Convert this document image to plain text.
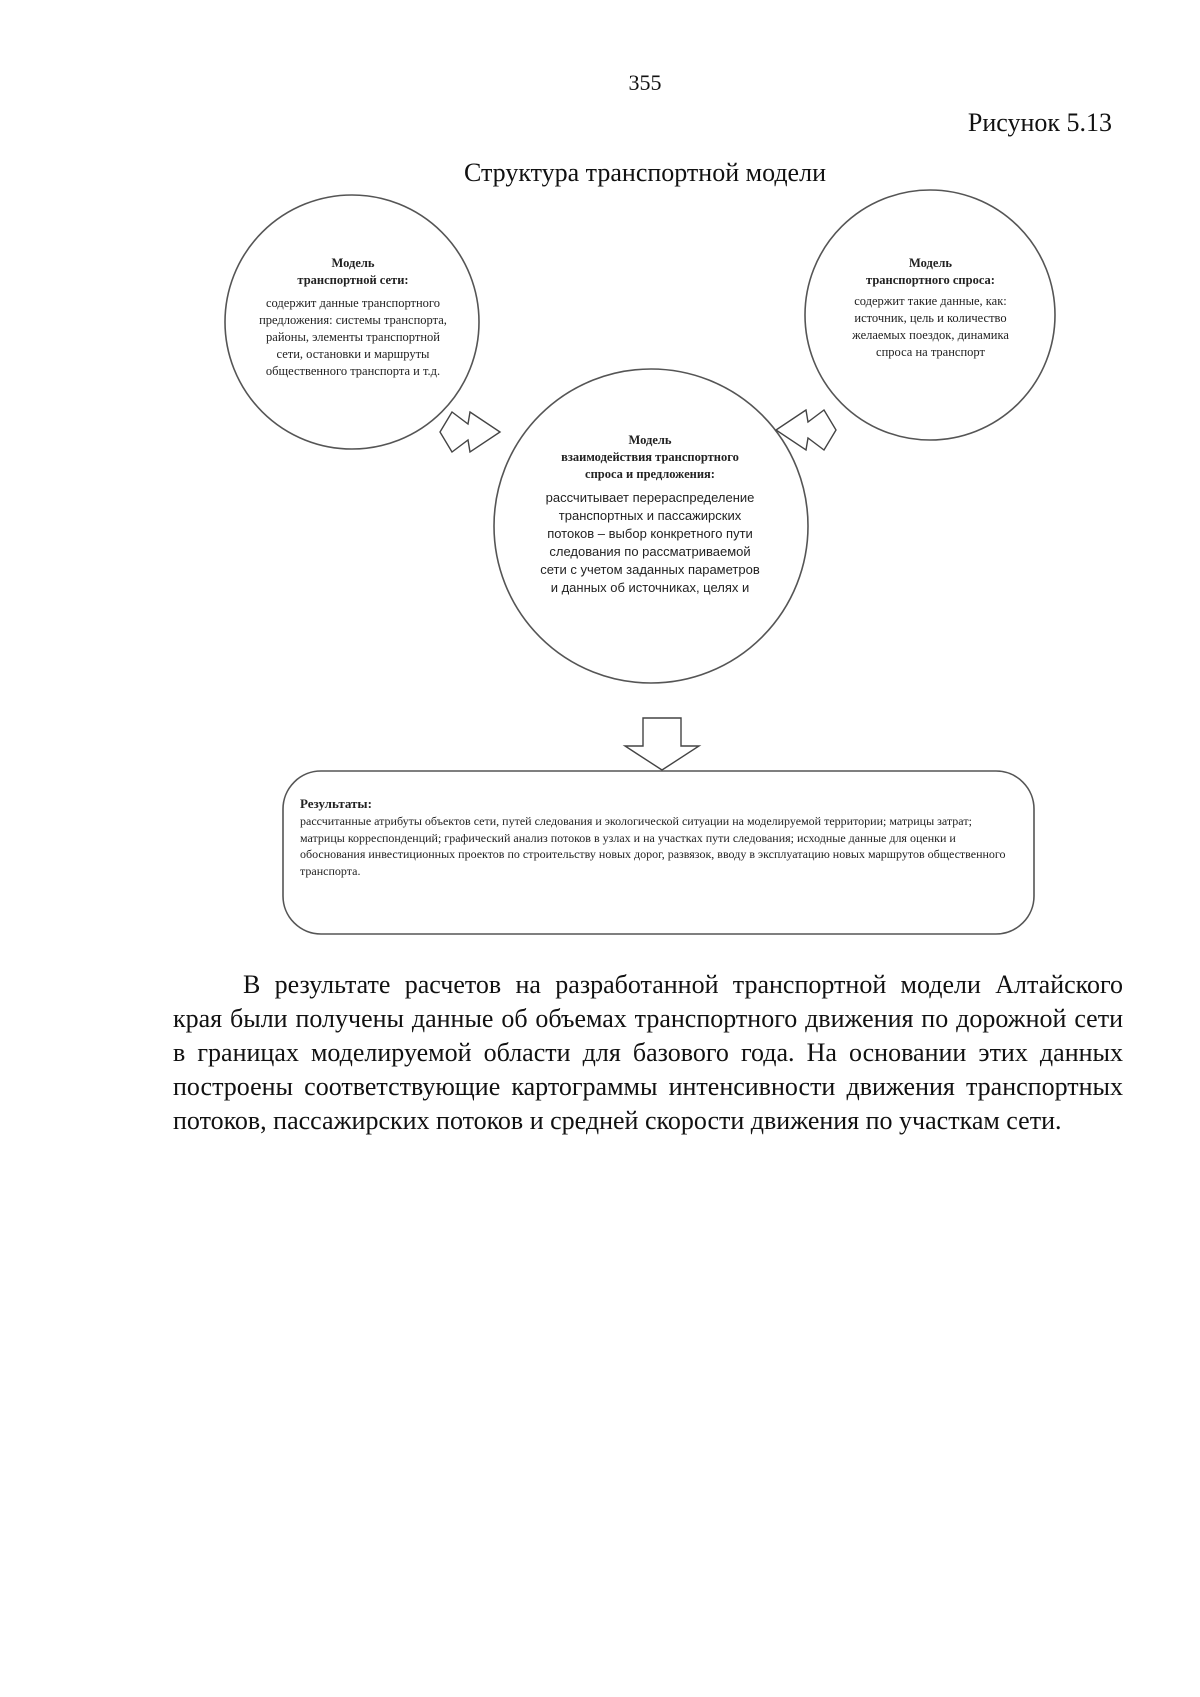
355
Рисунок 5.13
Структура транспортной модели
Модель
транспортной сети:
содержит данные транспортного предложения: системы транспорта, районы, элементы транспортной сети, остановки и маршруты общественного транспорта и т.д.
Модель
транспортного спроса:
содержит такие данные, как: источник, цель и количество желаемых поездок, динамика спроса на транспорт
Модель
взаимодействия транспортного
спроса и предложения:
рассчитывает перераспределение транспортных и пассажирских потоков – выбор конкретного пути следования по рассматриваемой сети с учетом заданных параметров и данных об источниках, целях и
Результаты:
рассчитанные атрибуты объектов сети, путей следования и экологической ситуации на моделируемой территории; матрицы затрат; матрицы корреспонденций; графический анализ потоков в узлах и на участках пути следования; исходные данные для оценки и обоснования инвестиционных проектов по строительству новых дорог, развязок, вводу в эксплуатацию новых маршрутов общественного транспорта.
В результате расчетов на разработанной транспортной модели Алтайского края были получены данные об объемах транспортного движения по дорожной сети в границах моделируемой области для базового года. На основании этих данных построены соответствующие картограммы интенсивности движения транспортных потоков, пассажирских потоков и средней скорости движения по участкам сети.
